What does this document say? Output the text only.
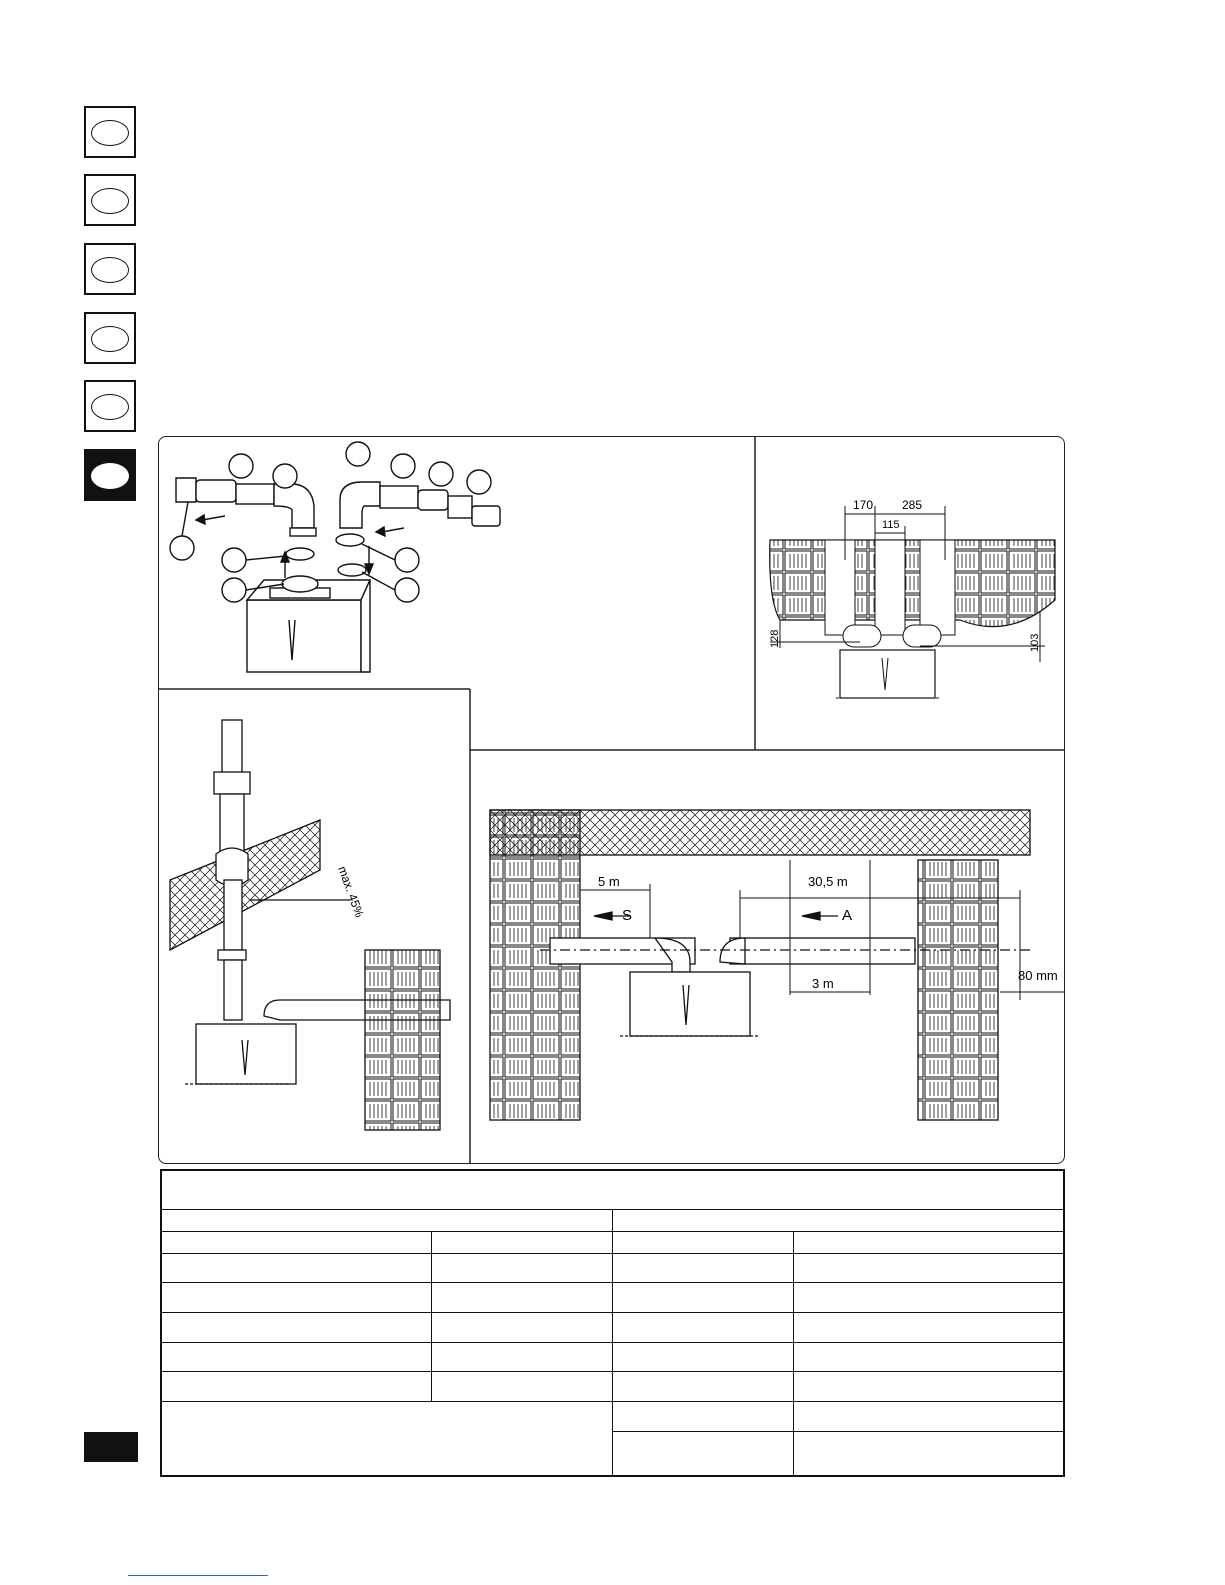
170 285
115
128	103
max. 45%	5 m	30,5 m
3 m
80 mm
S	A
